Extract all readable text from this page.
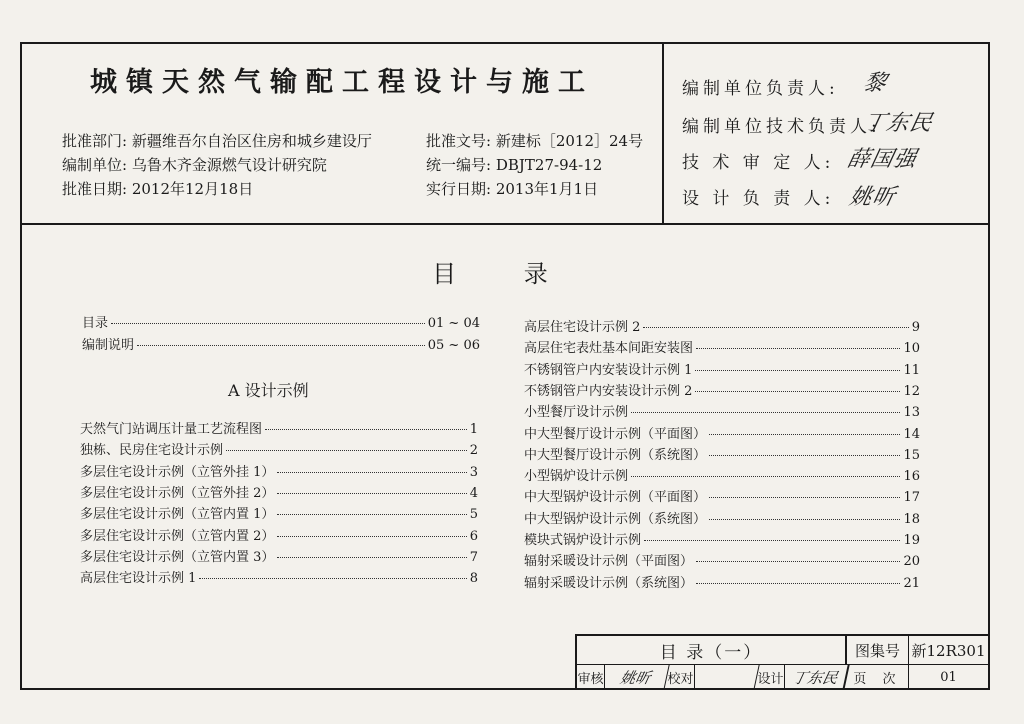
城镇天然气输配工程设计与施工
批准部门: 新疆维吾尔自治区住房和城乡建设厅
编制单位: 乌鲁木齐金源燃气设计研究院
批准日期: 2012年12月18日
批准文号: 新建标［2012］24号
统一编号: DBJT27-94-12
实行日期: 2013年1月1日
编制单位负责人: 黎
编制单位技术负责人:
丁东民
技 术 审 定 人: 薛国强
设 计 负 责 人: 姚昕
目 录
目录	01 ~ 04
编制说明	05 ~ 06
A 设计示例
天然气门站调压计量工艺流程图	1
独栋、民房住宅设计示例	2
多层住宅设计示例（立管外挂 1）	3
多层住宅设计示例（立管外挂 2）	4
多层住宅设计示例（立管内置 1）	5
多层住宅设计示例（立管内置 2）	6
多层住宅设计示例（立管内置 3）	7
高层住宅设计示例 1	8
高层住宅设计示例 2	9
高层住宅表灶基本间距安装图	10
不锈钢管户内安装设计示例 1	11
不锈钢管户内安装设计示例 2	12
小型餐厅设计示例	13
中大型餐厅设计示例（平面图）	14
中大型餐厅设计示例（系统图）	15
小型锅炉设计示例	16
中大型锅炉设计示例（平面图）	17
中大型锅炉设计示例（系统图）	18
模块式锅炉设计示例	19
辐射采暖设计示例（平面图）	20
辐射采暖设计示例（系统图）	21
目 录（一）	图集号 新12R301
审核 姚昕	校对	设计 丁东民	页 次	01
